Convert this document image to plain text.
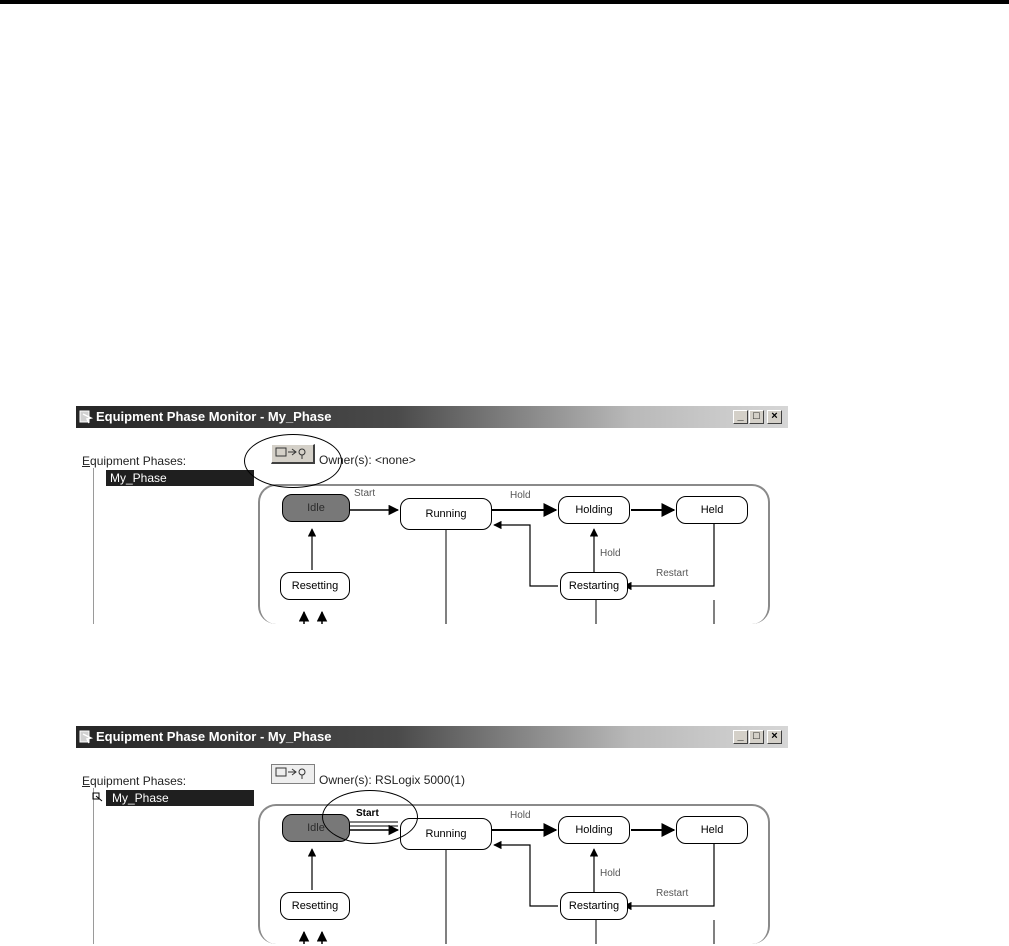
Equipment Phase Monitor - My_Phase	_ □	×
Equipment Phases:
My_Phase
Owner(s): <none>
Idle	Running	Holding	Held
Resetting	Restarting
Start	Hold
Hold
Restart
Equipment Phase Monitor - My_Phase	_ □	×
Equipment Phases:
My_Phase
Owner(s): RSLogix 5000(1)
Idle	Running	Holding	Held
Resetting	Restarting
Start	Hold
Hold
Restart
